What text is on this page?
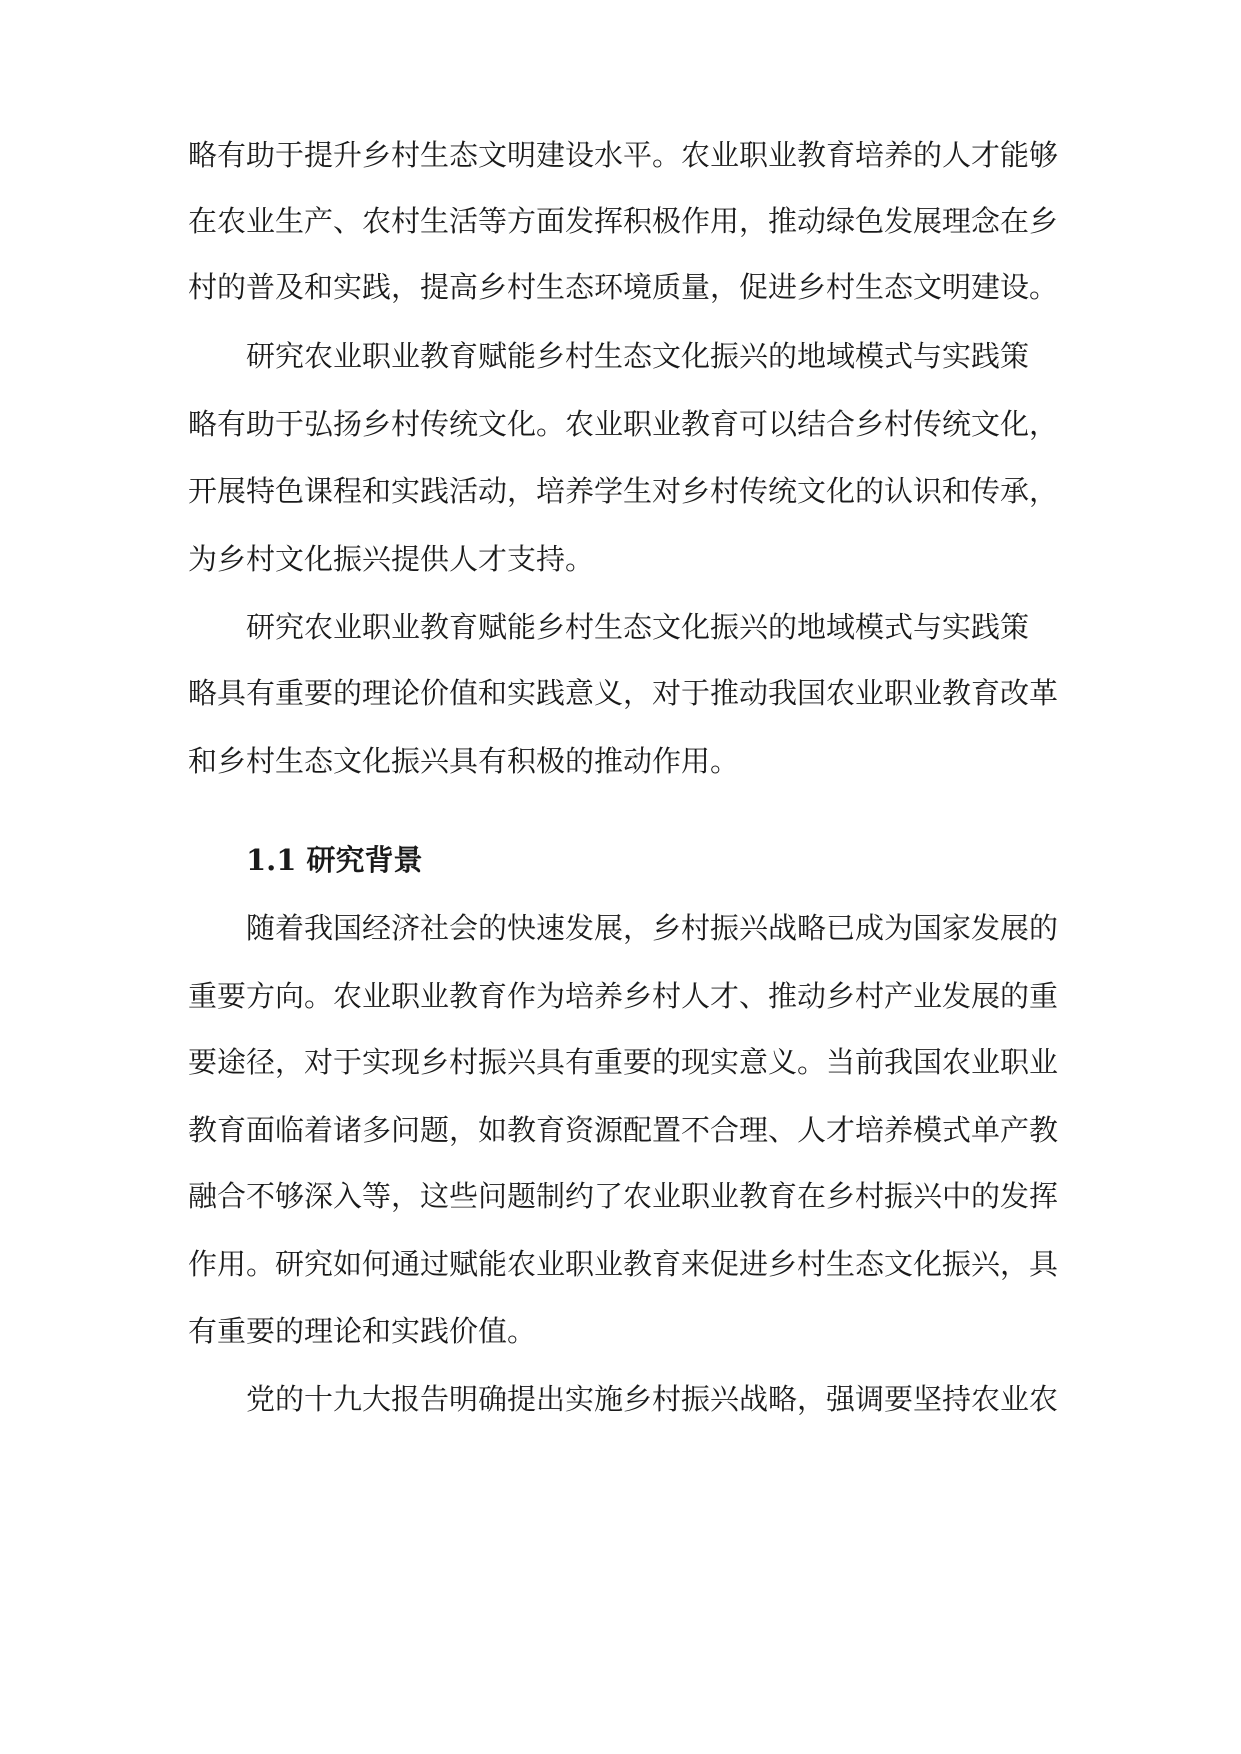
略有助于提升乡村生态文明建设水平。农业职业教育培养的人才能够
在农业生产、农村生活等方面发挥积极作用，推动绿色发展理念在乡
村的普及和实践，提高乡村生态环境质量，促进乡村生态文明建设。
研究农业职业教育赋能乡村生态文化振兴的地域模式与实践策
略有助于弘扬乡村传统文化。农业职业教育可以结合乡村传统文化，
开展特色课程和实践活动，培养学生对乡村传统文化的认识和传承，
为乡村文化振兴提供人才支持。
研究农业职业教育赋能乡村生态文化振兴的地域模式与实践策
略具有重要的理论价值和实践意义，对于推动我国农业职业教育改革
和乡村生态文化振兴具有积极的推动作用。
1.1 研究背景
随着我国经济社会的快速发展，乡村振兴战略已成为国家发展的
重要方向。农业职业教育作为培养乡村人才、推动乡村产业发展的重
要途径，对于实现乡村振兴具有重要的现实意义。当前我国农业职业
教育面临着诸多问题，如教育资源配置不合理、人才培养模式单产教
融合不够深入等，这些问题制约了农业职业教育在乡村振兴中的发挥
作用。研究如何通过赋能农业职业教育来促进乡村生态文化振兴，具
有重要的理论和实践价值。
党的十九大报告明确提出实施乡村振兴战略，强调要坚持农业农
